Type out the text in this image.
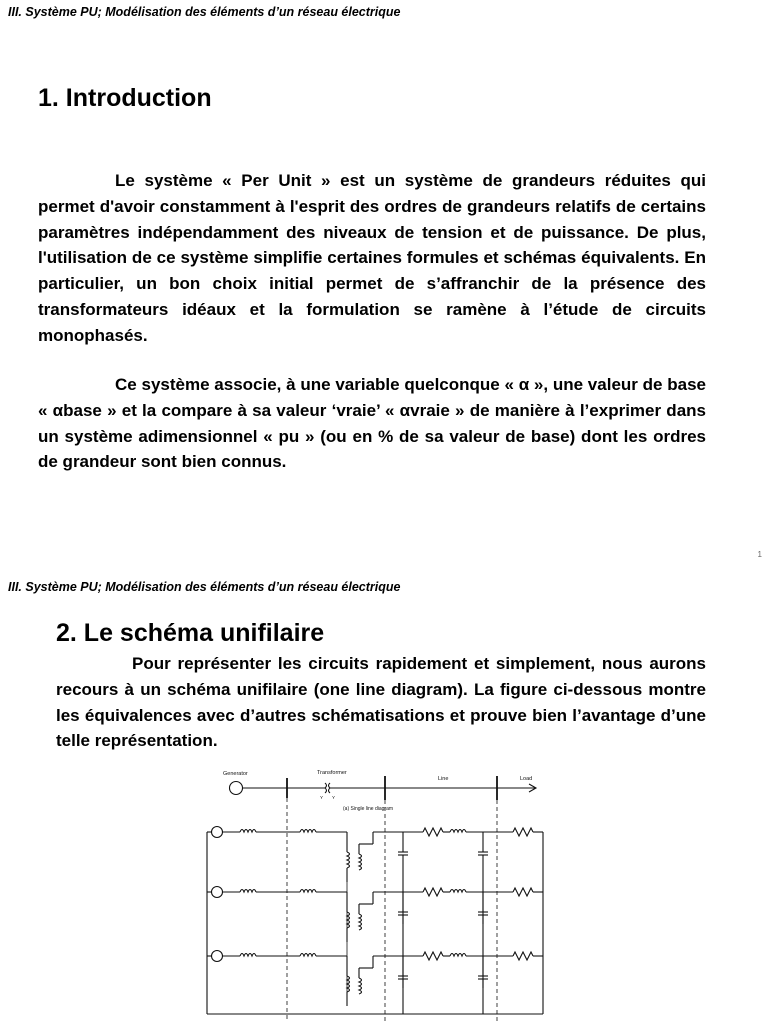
III. Système PU; Modélisation des éléments d’un réseau électrique
1. Introduction

Le système « Per Unit » est un système de grandeurs réduites qui permet d'avoir constamment à l'esprit des ordres de grandeurs relatifs de certains paramètres indépendamment des niveaux de tension et de puissance. De plus, l'utilisation de ce système simplifie certaines formules et schémas équivalents. En particulier, un bon choix initial permet de s’affranchir de la présence des transformateurs idéaux et la formulation se ramène à l’étude de circuits monophasés.

Ce système associe, à une variable quelconque « α », une valeur de base « αbase » et la compare à sa valeur ‘vraie’ « αvraie » de manière à l’exprimer dans un système adimensionnel « pu » (ou en % de sa valeur de base) dont les ordres de grandeur sont bien connus.

1
III. Système PU; Modélisation des éléments d’un réseau électrique
2. Le schéma unifilaire

Pour représenter les circuits rapidement et simplement, nous aurons recours à un schéma unifilaire (one line diagram). La figure ci-dessous montre les équivalences avec d’autres schématisations et prouve bien l’avantage d’une telle représentation.

Generator	Transformer
Line	Load
Y Y
(a) Single line diagram
